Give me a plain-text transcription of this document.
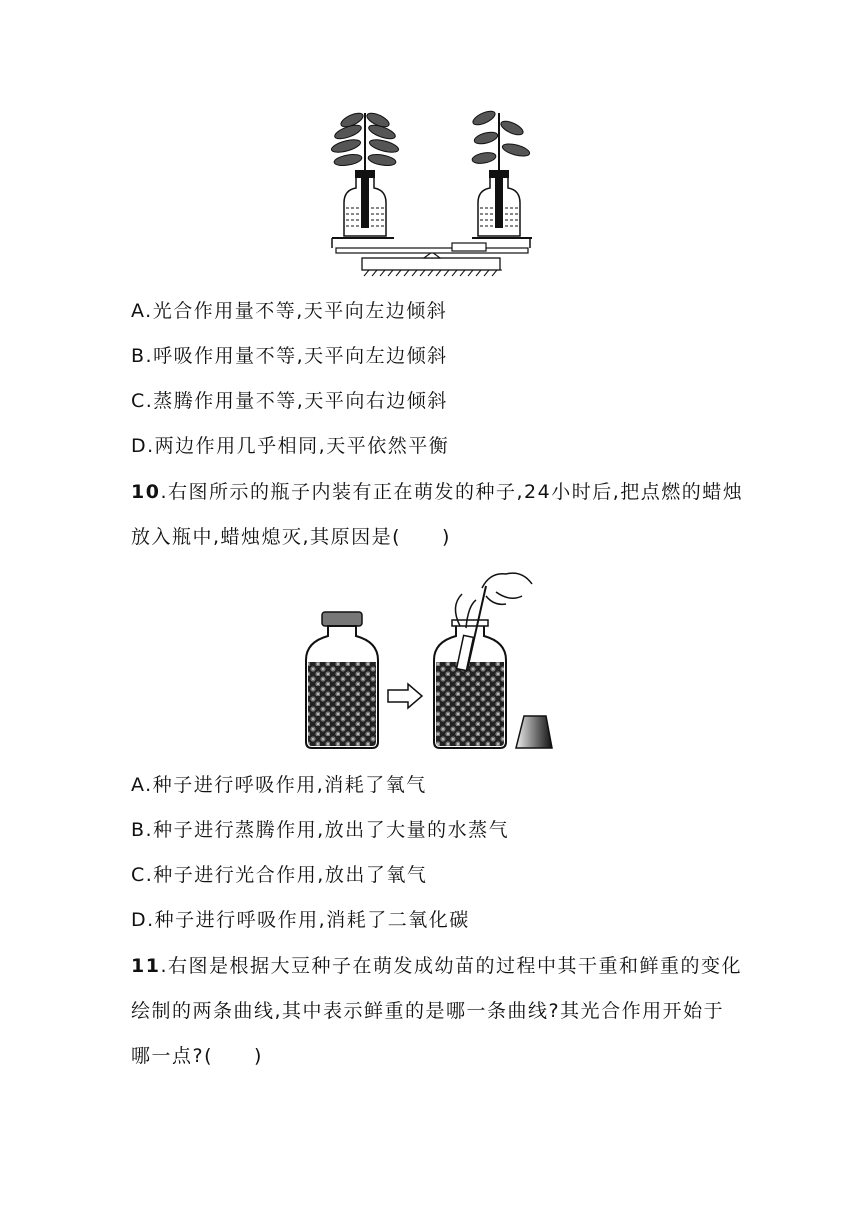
A.光合作用量不等,天平向左边倾斜
B.呼吸作用量不等,天平向左边倾斜
C.蒸腾作用量不等,天平向右边倾斜
D.两边作用几乎相同,天平依然平衡
10.右图所示的瓶子内装有正在萌发的种子,24小时后,把点燃的蜡烛
放入瓶中,蜡烛熄灭,其原因是(　　)
A.种子进行呼吸作用,消耗了氧气
B.种子进行蒸腾作用,放出了大量的水蒸气
C.种子进行光合作用,放出了氧气
D.种子进行呼吸作用,消耗了二氧化碳
11.右图是根据大豆种子在萌发成幼苗的过程中其干重和鲜重的变化
绘制的两条曲线,其中表示鲜重的是哪一条曲线?其光合作用开始于
哪一点?(　　)
